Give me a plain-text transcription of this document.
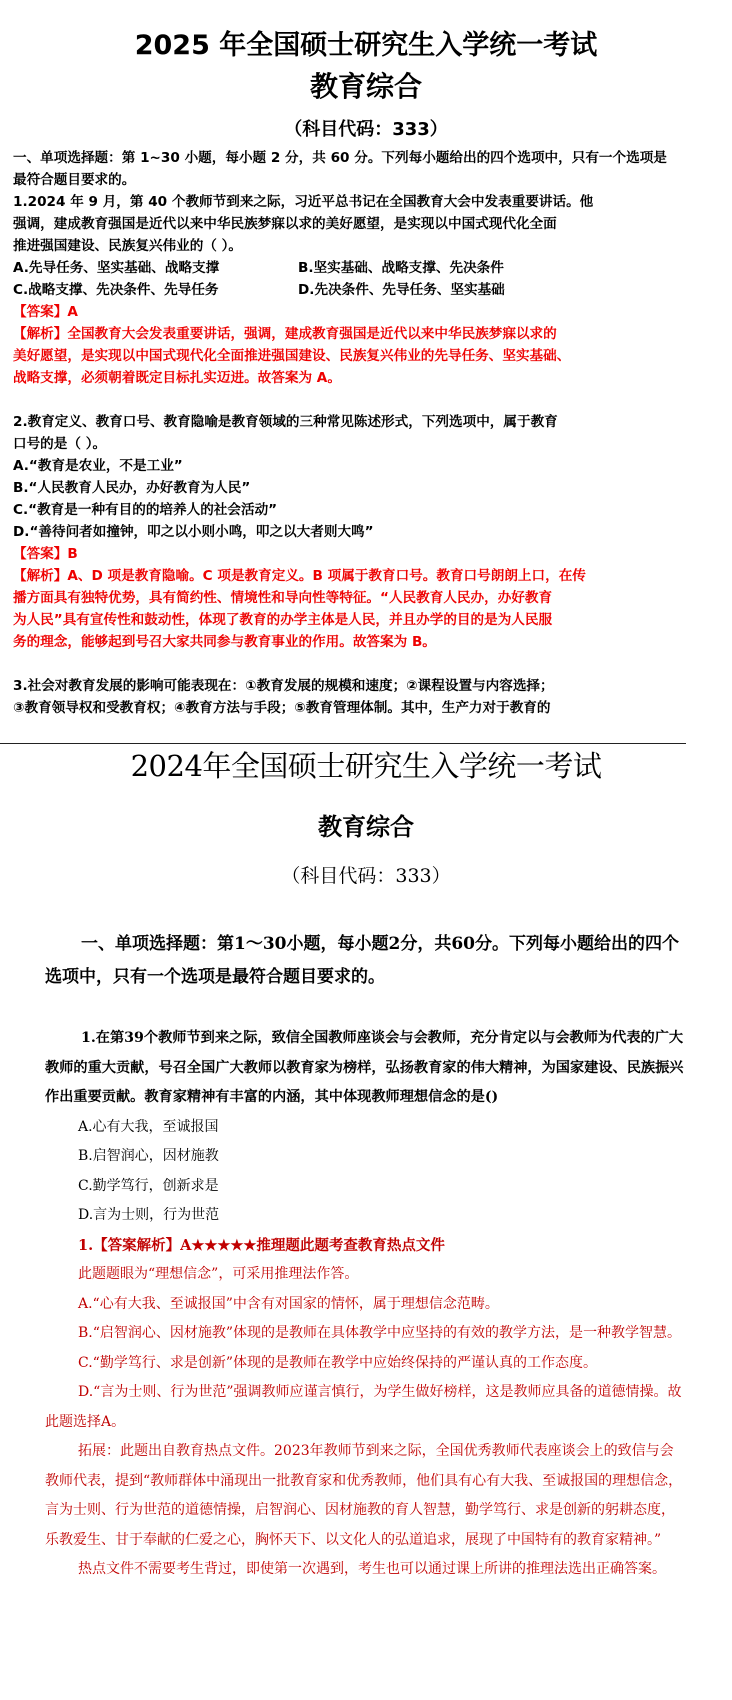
2025 年全国硕士研究生入学统一考试
教育综合
（科目代码：333）
一、单项选择题：第 1~30 小题，每小题 2 分，共 60 分。下列每小题给出的四个选项中，只有一个选项是
最符合题目要求的。
1.2024 年 9 月，第 40 个教师节到来之际，习近平总书记在全国教育大会中发表重要讲话。他
强调，建成教育强国是近代以来中华民族梦寐以求的美好愿望，是实现以中国式现代化全面
推进强国建设、民族复兴伟业的（ ）。
A.先导任务、坚实基础、战略支撑	B.坚实基础、战略支撑、先决条件
C.战略支撑、先决条件、先导任务	D.先决条件、先导任务、坚实基础
【答案】A
【解析】全国教育大会发表重要讲话，强调，建成教育强国是近代以来中华民族梦寐以求的
美好愿望，是实现以中国式现代化全面推进强国建设、民族复兴伟业的先导任务、坚实基础、
战略支撑，必须朝着既定目标扎实迈进。故答案为 A。
2.教育定义、教育口号、教育隐喻是教育领域的三种常见陈述形式，下列选项中，属于教育
口号的是（ ）。
A.“教育是农业，不是工业”
B.“人民教育人民办，办好教育为人民”
C.“教育是一种有目的的培养人的社会活动”
D.“善待问者如撞钟，叩之以小则小鸣，叩之以大者则大鸣”
【答案】B
【解析】A、D 项是教育隐喻。C 项是教育定义。B 项属于教育口号。教育口号朗朗上口，在传
播方面具有独特优势，具有简约性、情境性和导向性等特征。“人民教育人民办，办好教育
为人民”具有宣传性和鼓动性，体现了教育的办学主体是人民，并且办学的目的是为人民服
务的理念，能够起到号召大家共同参与教育事业的作用。故答案为 B。
3.社会对教育发展的影响可能表现在：①教育发展的规模和速度；②课程设置与内容选择；
③教育领导权和受教育权；④教育方法与手段；⑤教育管理体制。其中，生产力对于教育的
2024年全国硕士研究生入学统一考试
教育综合
（科目代码：333）
一、单项选择题：第1～30小题，每小题2分，共60分。下列每小题给出的四个选项中，只有一个选项是最符合题目要求的。
1.在第39个教师节到来之际，致信全国教师座谈会与会教师，充分肯定以与会教师为代表的广大教师的重大贡献，号召全国广大教师以教育家为榜样，弘扬教育家的伟大精神，为国家建设、民族振兴作出重要贡献。教育家精神有丰富的内涵，其中体现教师理想信念的是()
A.心有大我，至诚报国
B.启智润心，因材施教
C.勤学笃行，创新求是
D.言为士则，行为世范
1.【答案解析】A★★★★★推理题此题考查教育热点文件
此题题眼为“理想信念”，可采用推理法作答。
A.“心有大我、至诚报国”中含有对国家的情怀，属于理想信念范畴。
B.“启智润心、因材施教”体现的是教师在具体教学中应坚持的有效的教学方法，是一种教学智慧。
C.“勤学笃行、求是创新”体现的是教师在教学中应始终保持的严谨认真的工作态度。
D.“言为士则、行为世范”强调教师应谨言慎行，为学生做好榜样，这是教师应具备的道德情操。故此题选择A。
拓展：此题出自教育热点文件。2023年教师节到来之际，全国优秀教师代表座谈会上的致信与会教师代表，提到“教师群体中涌现出一批教育家和优秀教师，他们具有心有大我、至诚报国的理想信念，言为士则、行为世范的道德情操，启智润心、因材施教的育人智慧，勤学笃行、求是创新的躬耕态度，乐教爱生、甘于奉献的仁爱之心，胸怀天下、以文化人的弘道追求，展现了中国特有的教育家精神。”
热点文件不需要考生背过，即使第一次遇到，考生也可以通过课上所讲的推理法选出正确答案。
